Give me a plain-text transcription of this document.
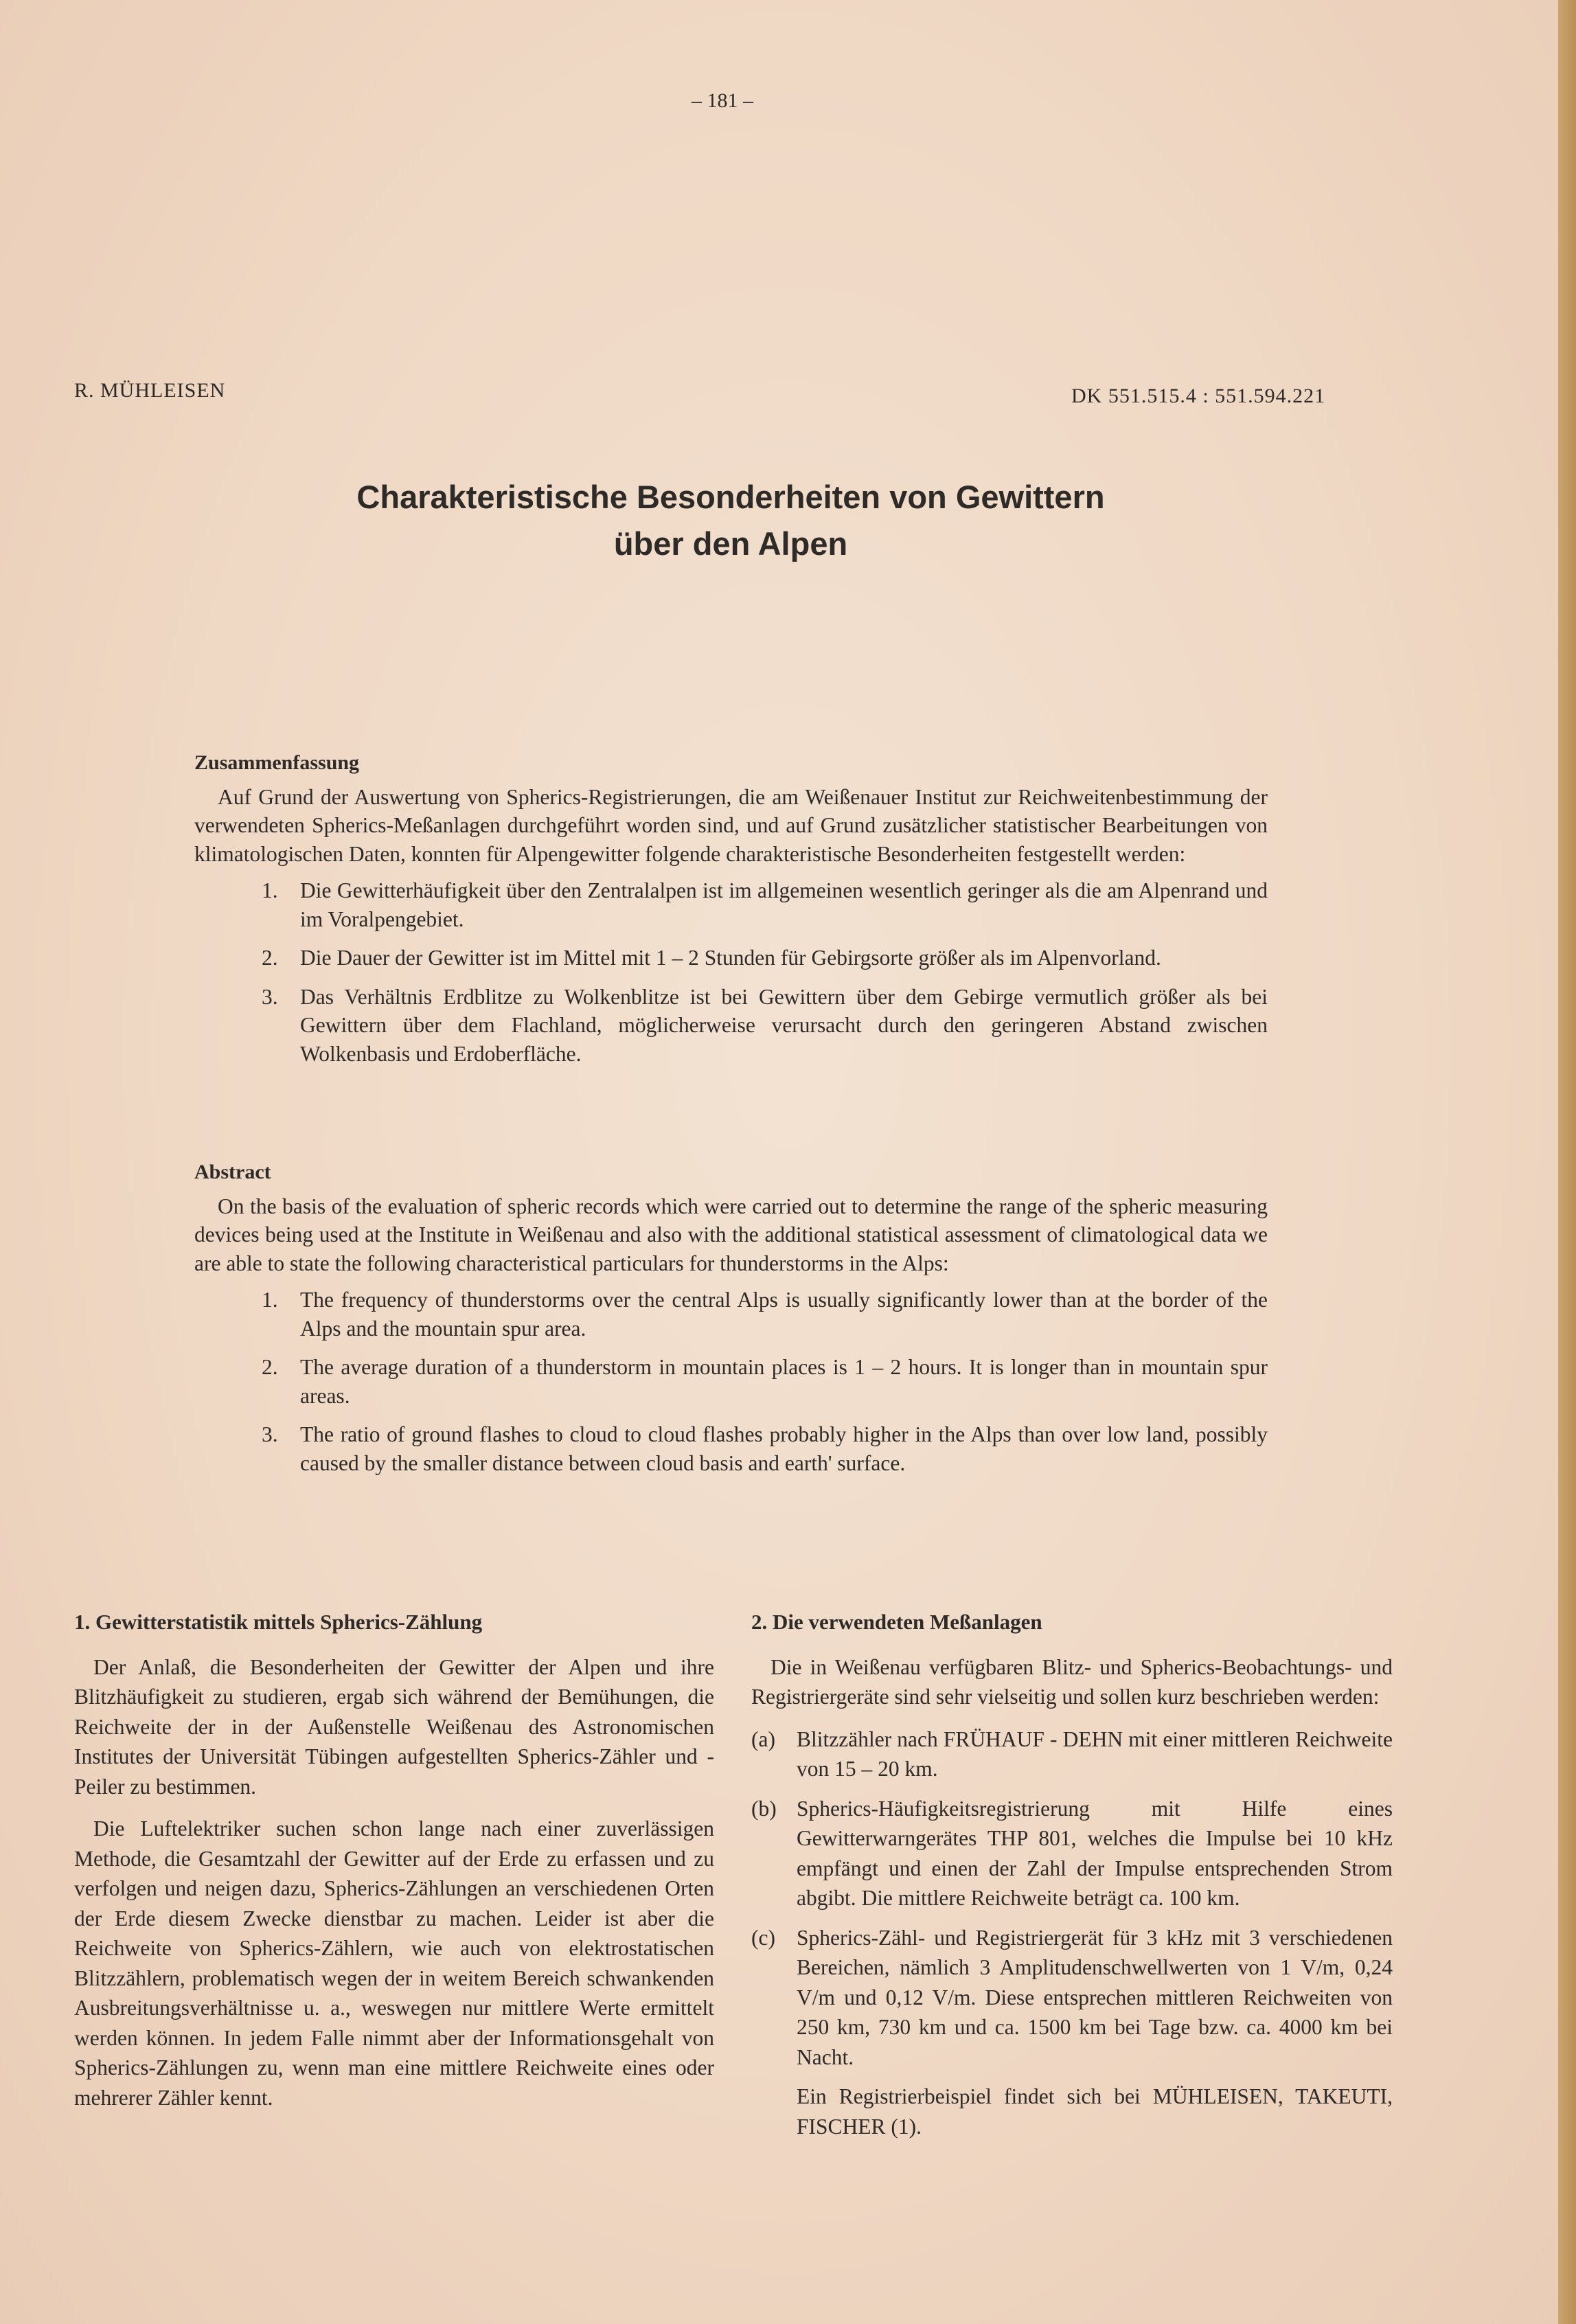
– 181 –
R. MÜHLEISEN	DK 551.515.4 : 551.594.221
Charakteristische Besonderheiten von Gewittern
über den Alpen

Zusammenfassung

Auf Grund der Auswertung von Spherics-Registrierungen, die am Weißenauer Institut zur Reichweitenbestimmung der verwendeten Spherics-Meßanlagen durchgeführt worden sind, und auf Grund zusätzlicher statistischer Bearbeitungen von klimatologischen Daten, konnten für Alpengewitter folgende charakteristische Besonderheiten festgestellt werden:

1. Die Gewitterhäufigkeit über den Zentralalpen ist im allgemeinen wesentlich geringer als die am Alpenrand und im Voralpengebiet.
2. Die Dauer der Gewitter ist im Mittel mit 1 – 2 Stunden für Gebirgsorte größer als im Alpenvorland.
3. Das Verhältnis Erdblitze zu Wolkenblitze ist bei Gewittern über dem Gebirge vermutlich größer als bei Gewittern über dem Flachland, möglicherweise verursacht durch den geringeren Abstand zwischen Wolkenbasis und Erdoberfläche.

Abstract

On the basis of the evaluation of spheric records which were carried out to determine the range of the spheric measuring devices being used at the Institute in Weißenau and also with the additional statistical assessment of climatological data we are able to state the following characteristical particulars for thunderstorms in the Alps:

1. The frequency of thunderstorms over the central Alps is usually significantly lower than at the border of the Alps and the mountain spur area.
2. The average duration of a thunderstorm in mountain places is 1 – 2 hours. It is longer than in mountain spur areas.
3. The ratio of ground flashes to cloud to cloud flashes probably higher in the Alps than over low land, possibly caused by the smaller distance between cloud basis and earth' surface.

1. Gewitterstatistik mittels Spherics-Zählung

Der Anlaß, die Besonderheiten der Gewitter der Alpen und ihre Blitzhäufigkeit zu studieren, ergab sich während der Bemühungen, die Reichweite der in der Außenstelle Weißenau des Astronomischen Institutes der Universität Tübingen aufgestellten Spherics-Zähler und -Peiler zu bestimmen.

Die Luftelektriker suchen schon lange nach einer zuverlässigen Methode, die Gesamtzahl der Gewitter auf der Erde zu erfassen und zu verfolgen und neigen dazu, Spherics-Zählungen an verschiedenen Orten der Erde diesem Zwecke dienstbar zu machen. Leider ist aber die Reichweite von Spherics-Zählern, wie auch von elektrostatischen Blitzzählern, problematisch wegen der in weitem Bereich schwankenden Ausbreitungsverhältnisse u. a., weswegen nur mittlere Werte ermittelt werden können. In jedem Falle nimmt aber der Informationsgehalt von Spherics-Zählungen zu, wenn man eine mittlere Reichweite eines oder mehrerer Zähler kennt.

2. Die verwendeten Meßanlagen

Die in Weißenau verfügbaren Blitz- und Spherics-Beobachtungs- und Registriergeräte sind sehr vielseitig und sollen kurz beschrieben werden:

(a) Blitzzähler nach FRÜHAUF - DEHN mit einer mittleren Reichweite von 15 – 20 km.
(b) Spherics-Häufigkeitsregistrierung mit Hilfe eines Gewitterwarngerätes THP 801, welches die Impulse bei 10 kHz empfängt und einen der Zahl der Impulse entsprechenden Strom abgibt. Die mittlere Reichweite beträgt ca. 100 km.
(c) Spherics-Zähl- und Registriergerät für 3 kHz mit 3 verschiedenen Bereichen, nämlich 3 Amplitudenschwellwerten von 1 V/m, 0,24 V/m und 0,12 V/m. Diese entsprechen mittleren Reichweiten von 250 km, 730 km und ca. 1500 km bei Tage bzw. ca. 4000 km bei Nacht.

Ein Registrierbeispiel findet sich bei MÜHLEISEN, TAKEUTI, FISCHER (1).
